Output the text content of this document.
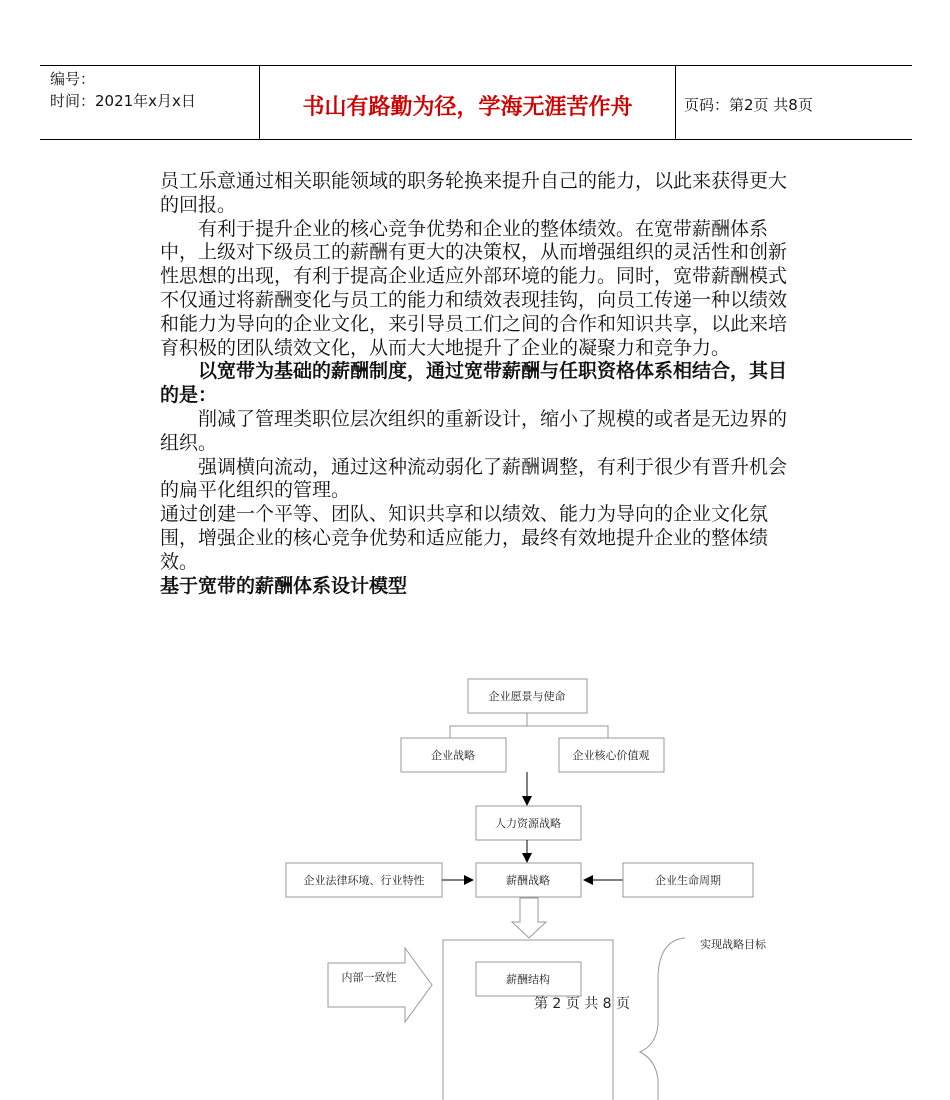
编号：
时间：2021年x月x日	书山有路勤为径，学海无涯苦作舟	页码：第2页 共8页

员工乐意通过相关职能领域的职务轮换来提升自己的能力，以此来获得更大的回报。

有利于提升企业的核心竞争优势和企业的整体绩效。在宽带薪酬体系中，上级对下级员工的薪酬有更大的决策权，从而增强组织的灵活性和创新性思想的出现，有利于提高企业适应外部环境的能力。同时，宽带薪酬模式不仅通过将薪酬变化与员工的能力和绩效表现挂钩，向员工传递一种以绩效和能力为导向的企业文化，来引导员工们之间的合作和知识共享，以此来培育积极的团队绩效文化，从而大大地提升了企业的凝聚力和竞争力。

以宽带为基础的薪酬制度，通过宽带薪酬与任职资格体系相结合，其目的是：

削减了管理类职位层次组织的重新设计，缩小了规模的或者是无边界的组织。

强调横向流动，通过这种流动弱化了薪酬调整，有利于很少有晋升机会的扁平化组织的管理。

通过创建一个平等、团队、知识共享和以绩效、能力为导向的企业文化氛围，增强企业的核心竞争优势和适应能力，最终有效地提升企业的整体绩效。

基于宽带的薪酬体系设计模型

企业愿景与使命
企业战略	企业核心价值观
人力资源战略
企业法律环境、行业特性	薪酬战略	企业生命周期
内部一致性	薪酬结构
实现战略目标
第 2 页 共 8 页
